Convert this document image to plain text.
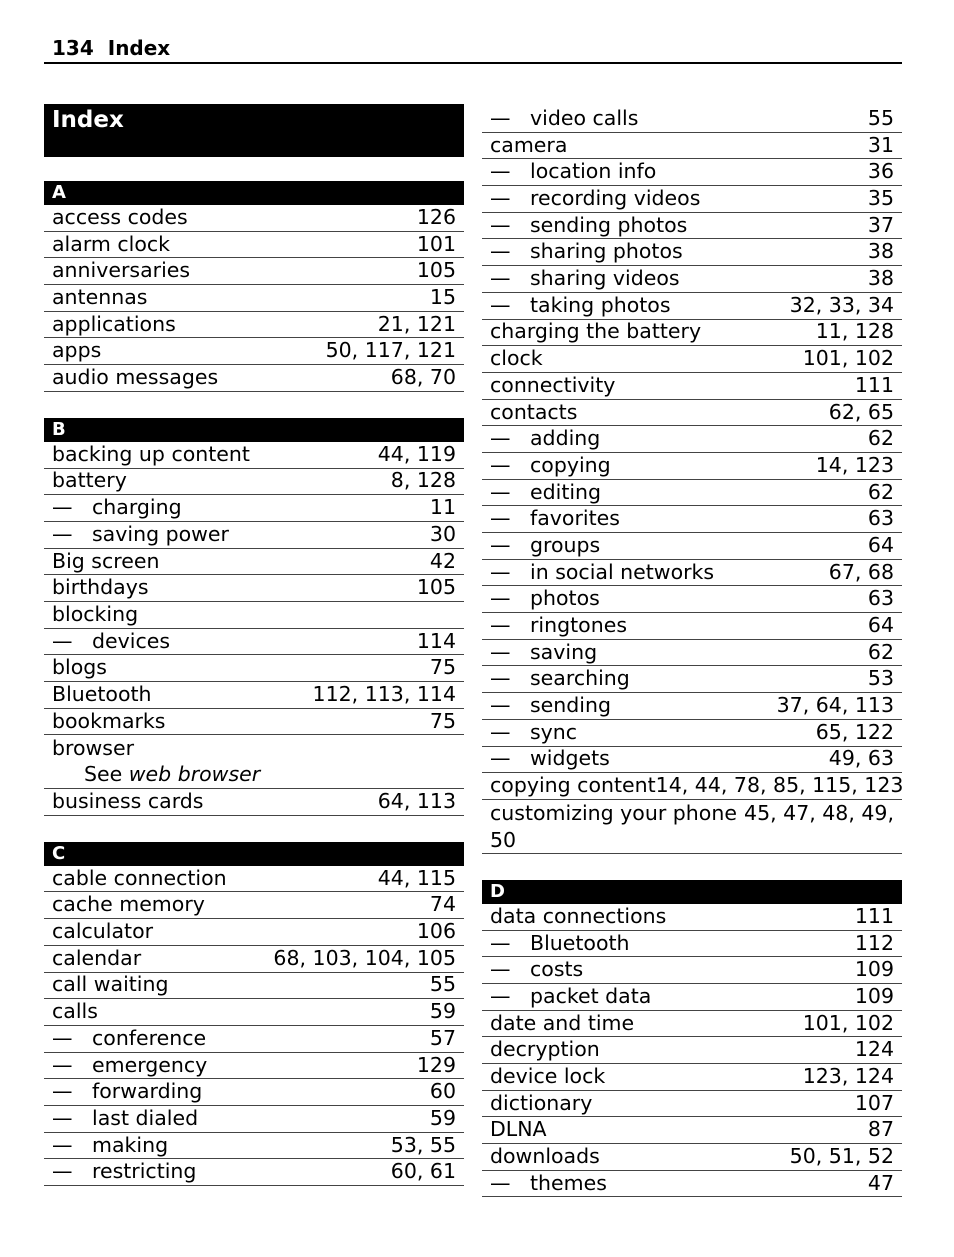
134 Index
Index
A
access codes	126
alarm clock	101
anniversaries	105
antennas	15
applications	21, 121
apps	50, 117, 121
audio messages	68, 70
B
backing up content	44, 119
battery	8, 128
— charging	11
— saving power	30
Big screen	42
birthdays	105
blocking
— devices	114
blogs	75
Bluetooth	112, 113, 114
bookmarks	75
browser
See web browser
business cards	64, 113
C
cable connection	44, 115
cache memory	74
calculator	106
calendar	68, 103, 104, 105
call waiting	55
calls	59
— conference	57
— emergency	129
— forwarding	60
— last dialed	59
— making	53, 55
— restricting	60, 61
— video calls	55
camera	31
— location info	36
— recording videos	35
— sending photos	37
— sharing photos	38
— sharing videos	38
— taking photos	32, 33, 34
charging the battery	11, 128
clock	101, 102
connectivity	111
contacts	62, 65
— adding	62
— copying	14, 123
— editing	62
— favorites	63
— groups	64
— in social networks	67, 68
— photos	63
— ringtones	64
— saving	62
— searching	53
— sending	37, 64, 113
— sync	65, 122
— widgets	49, 63
copying content 14, 44, 78, 85, 115, 123
customizing your phone 45, 47, 48, 49,
50
D
data connections	111
— Bluetooth	112
— costs	109
— packet data	109
date and time	101, 102
decryption	124
device lock	123, 124
dictionary	107
DLNA	87
downloads	50, 51, 52
— themes	47
